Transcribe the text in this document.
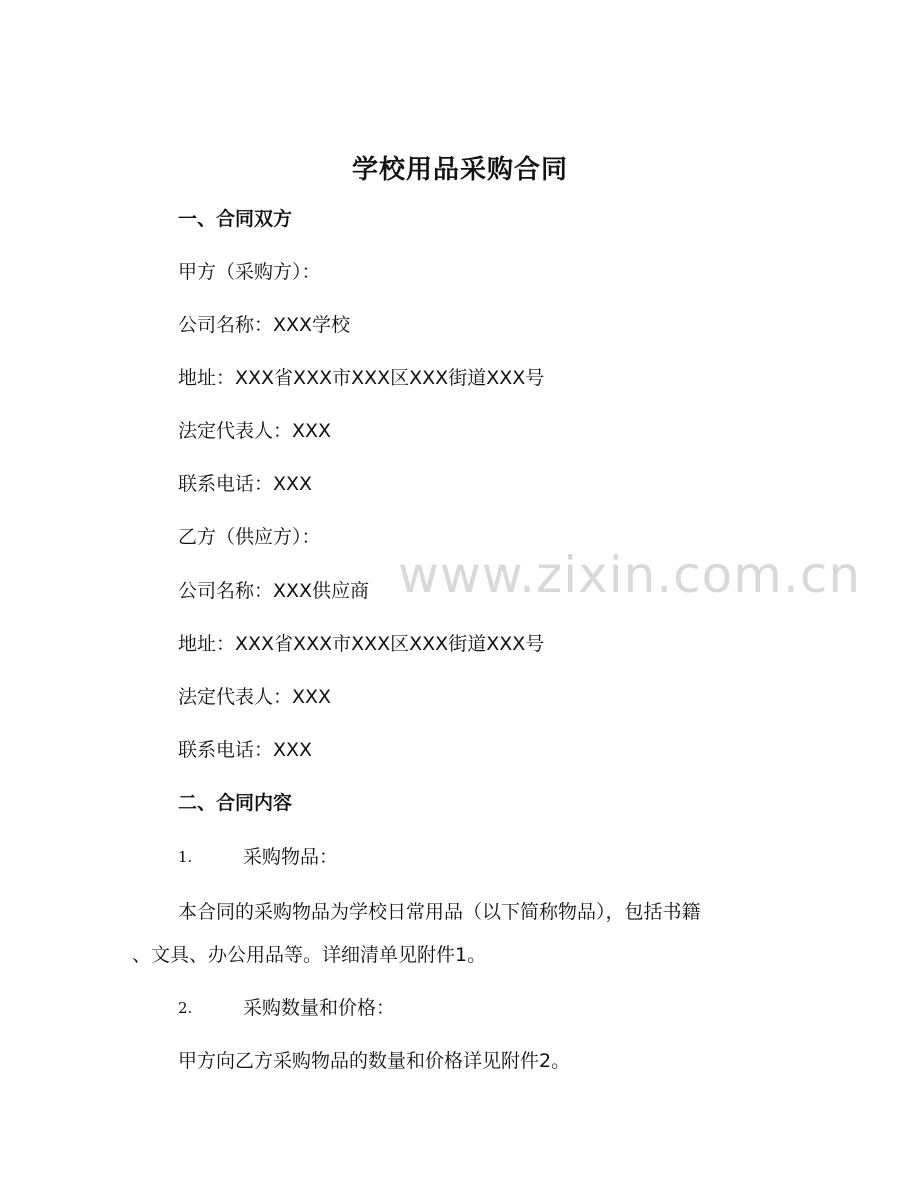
www.zixin.com.cn
学校用品采购合同
一、合同双方
甲方（采购方）：
公司名称：XXX学校
地址：XXX省XXX市XXX区XXX街道XXX号
法定代表人：XXX
联系电话：XXX
乙方（供应方）：
公司名称：XXX供应商
地址：XXX省XXX市XXX区XXX街道XXX号
法定代表人：XXX
联系电话：XXX
二、合同内容
1.	采购物品：
本合同的采购物品为学校日常用品（以下简称物品），包括书籍
、文具、办公用品等。详细清单见附件1。
2.	采购数量和价格：
甲方向乙方采购物品的数量和价格详见附件2。
